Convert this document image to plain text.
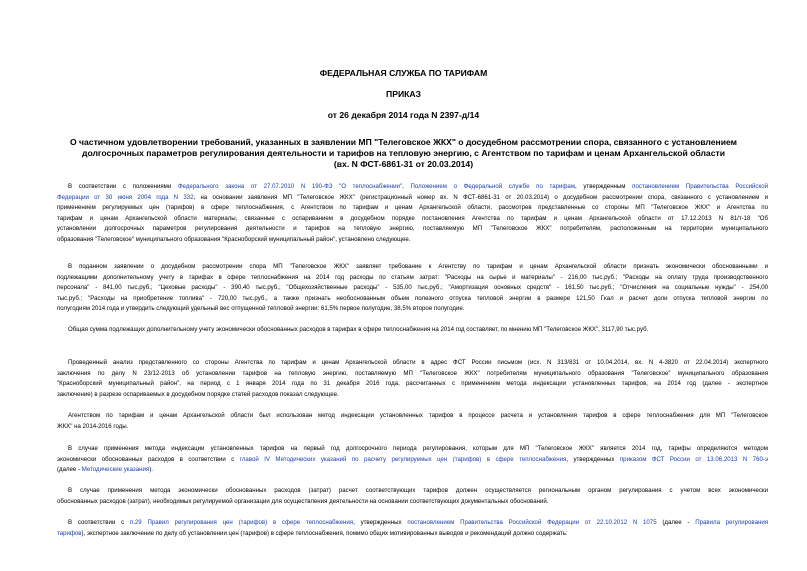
ФЕДЕРАЛЬНАЯ СЛУЖБА ПО ТАРИФАМ
ПРИКАЗ
от 26 декабря 2014 года N 2397-д/14
О частичном удовлетворении требований, указанных в заявлении МП "Телеговское ЖКХ" о досудебном рассмотрении спора, связанного с установлением
долгосрочных параметров регулирования деятельности и тарифов на тепловую энергию, с Агентством по тарифам и ценам Архангельской области
(вх. N ФСТ-6861-31 от 20.03.2014)
В соответствии с положениями Федерального закона от 27.07.2010 N 190-ФЗ "О теплоснабжении", Положением о Федеральной службе по тарифам, утвержденным постановлением Правительства Российской
Федерации от 30 июня 2004 года N 332, на основании заявления МП "Телеговское ЖКХ" (регистрационный номер вх. N ФСТ-6861-31 от 20.03.2014) о досудебном рассмотрении спора, связанного с установлением и
применением регулируемых цен (тарифов) в сфере теплоснабжения, с Агентством по тарифам и ценам Архангельской области, рассмотрев представленные со стороны МП "Телеговское ЖКХ" и Агентства по
тарифам и ценам Архангельской области материалы, связанные с оспариванием в досудебном порядке постановления Агентства по тарифам и ценам Архангельской области от 17.12.2013 N 81/т-18 "Об
установлении долгосрочных параметров регулирования деятельности и тарифов на тепловую энергию, поставляемую МП "Телеговское ЖКХ" потребителям, расположенным на территории муниципального
образования "Телеговское" муниципального образования "Красноборский муниципальный район", установлено следующее.
В поданном заявлении о досудебном рассмотрении спора МП "Телеговское ЖКХ" заявляет требование к Агентству по тарифам и ценам Архангельской области признать экономически обоснованными и
подлежащими дополнительному учету в тарифах в сфере теплоснабжения на 2014 год расходы по статьям затрат: "Расходы на сырье и материалы" - 216,00 тыс.руб.; "Расходы на оплату труда производственного
персонала" - 841,00 тыс.руб.; "Цеховые расходы" - 390,40 тыс.руб.; "Общехозяйственные расходы" - 535,00 тыс.руб.; "Амортизация основных средств" - 161,50 тыс.руб.; "Отчисления на социальные нужды" - 254,00
тыс.руб.; "Расходы на приобретение топлива" - 720,00 тыс.руб., а также признать необоснованным объем полезного отпуска тепловой энергии в размере 121,50 Гкал и расчет доли отпуска тепловой энергии по
полугодиям 2014 года и утвердить следующий удельный вес отпущенной тепловой энергии: 61,5% первое полугодие, 38,5% второе полугодие.
Общая сумма подлежащих дополнительному учету экономически обоснованных расходов в тарифах в сфере теплоснабжения на 2014 год составляет, по мнению МП "Телеговское ЖКХ", 3117,90 тыс.руб.
Проведенный анализ представленного со стороны Агентства по тарифам и ценам Архангельской области в адрес ФСТ России письмом (исх. N 313/831 от 10.04.2014, вх. N 4-3820 от 22.04.2014) экспертного
заключения по делу N 23/12-2013 об установлении тарифов на тепловую энергию, поставляемую МП "Телеговское ЖКХ" потребителям муниципального образования "Телеговское" муниципального образования
"Красноборский муниципальный район", на период с 1 января 2014 года по 31 декабря 2016 года, рассчитанных с применением метода индексации установленных тарифов, на 2014 год (далее - экспертное
заключение) в разрезе оспариваемых в досудебном порядке статей расходов показал следующее.
Агентством по тарифам и ценам Архангельской области был использован метод индексации установленных тарифов в процессе расчета и установления тарифов в сфере теплоснабжения для МП "Телеговское
ЖКХ" на 2014-2016 годы.
В случае применения метода индексации установленных тарифов на первый год долгосрочного периода регулирования, которым для МП "Телеговское ЖКХ" является 2014 год, тарифы определяются методом
экономически обоснованных расходов в соответствии с главой IV Методических указаний по расчету регулируемых цен (тарифов) в сфере теплоснабжения, утвержденных приказом ФСТ России от 13.06.2013 N 760-э
(далее - Методические указания).
В случае применения метода экономически обоснованных расходов (затрат) расчет соответствующих тарифов должен осуществляется региональным органом регулирования с учетом всех экономически
обоснованных расходов (затрат), необходимых регулируемой организации для осуществления деятельности на основании соответствующих документальных обоснований.
В соответствии с п.29 Правил регулирования цен (тарифов) в сфере теплоснабжения, утвержденных постановлением Правительства Российской Федерации от 22.10.2012 N 1075 (далее - Правила регулирования
тарифов), экспертное заключение по делу об установлении цен (тарифов) в сфере теплоснабжения, помимо общих мотивированных выводов и рекомендаций должно содержать:
